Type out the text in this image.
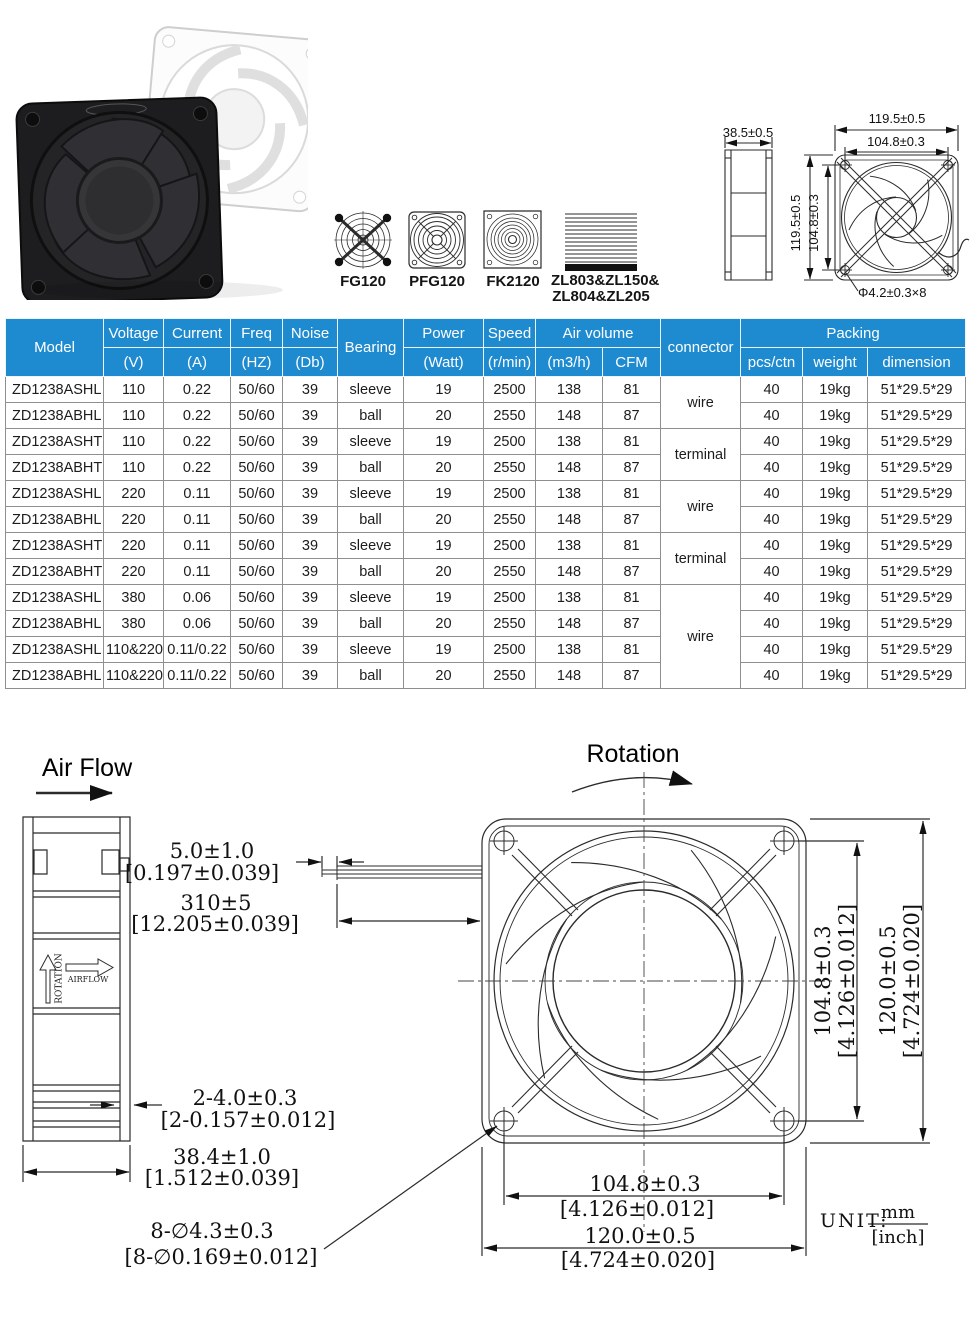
FG120	PFG120	FK2120 ZL803&ZL150&
ZL804&ZL205
38.5±0.5
119.5±0.5
104.8±0.3
119.5±0.5 104.8±0.3
Φ4.2±0.3×8
Model	Voltage	Current	Freq	Noise	Bearing	Power	Speed	Air volume		connector	Packing		
	(V)	(A)	(HZ)	(Db)		(Watt)	(r/min)	(m3/h)	CFM		pcs/ctn	weight	dimension
ZD1238ASHL	110	0.22	50/60	39	sleeve	19	2500	138	81	wire	40	19kg	51*29.5*29
ZD1238ABHL	110	0.22	50/60	39	ball	20	2550	148	87		40	19kg	51*29.5*29
ZD1238ASHT	110	0.22	50/60	39	sleeve	19	2500	138	81	terminal	40	19kg	51*29.5*29
ZD1238ABHT	110	0.22	50/60	39	ball	20	2550	148	87		40	19kg	51*29.5*29
ZD1238ASHL	220	0.11	50/60	39	sleeve	19	2500	138	81	wire	40	19kg	51*29.5*29
ZD1238ABHL	220	0.11	50/60	39	ball	20	2550	148	87		40	19kg	51*29.5*29
ZD1238ASHT	220	0.11	50/60	39	sleeve	19	2500	138	81	terminal	40	19kg	51*29.5*29
ZD1238ABHT	220	0.11	50/60	39	ball	20	2550	148	87		40	19kg	51*29.5*29
ZD1238ASHL	380	0.06	50/60	39	sleeve	19	2500	138	81	wire	40	19kg	51*29.5*29
ZD1238ABHL	380	0.06	50/60	39	ball	20	2550	148	87		40	19kg	51*29.5*29
ZD1238ASHL	110&220	0.11/0.22	50/60	39	sleeve	19	2500	138	81		40	19kg	51*29.5*29
ZD1238ABHL	110&220	0.11/0.22	50/60	39	ball	20	2550	148	87		40	19kg	51*29.5*29
Air Flow	Rotation
ROTATION AIRFLOW
5.0±1.0
[0.197±0.039]
310±5
[12.205±0.039]
2-4.0±0.3
[2-0.157±0.012]
38.4±1.0
[1.512±0.039]
8-∅4.3±0.3
[8-∅0.169±0.012]
104.8±0.3 [4.126±0.012] 120.0±0.5 [4.724±0.020]
104.8±0.3
[4.126±0.012]
120.0±0.5
[4.724±0.020]
UNIT:
mm
[inch]
